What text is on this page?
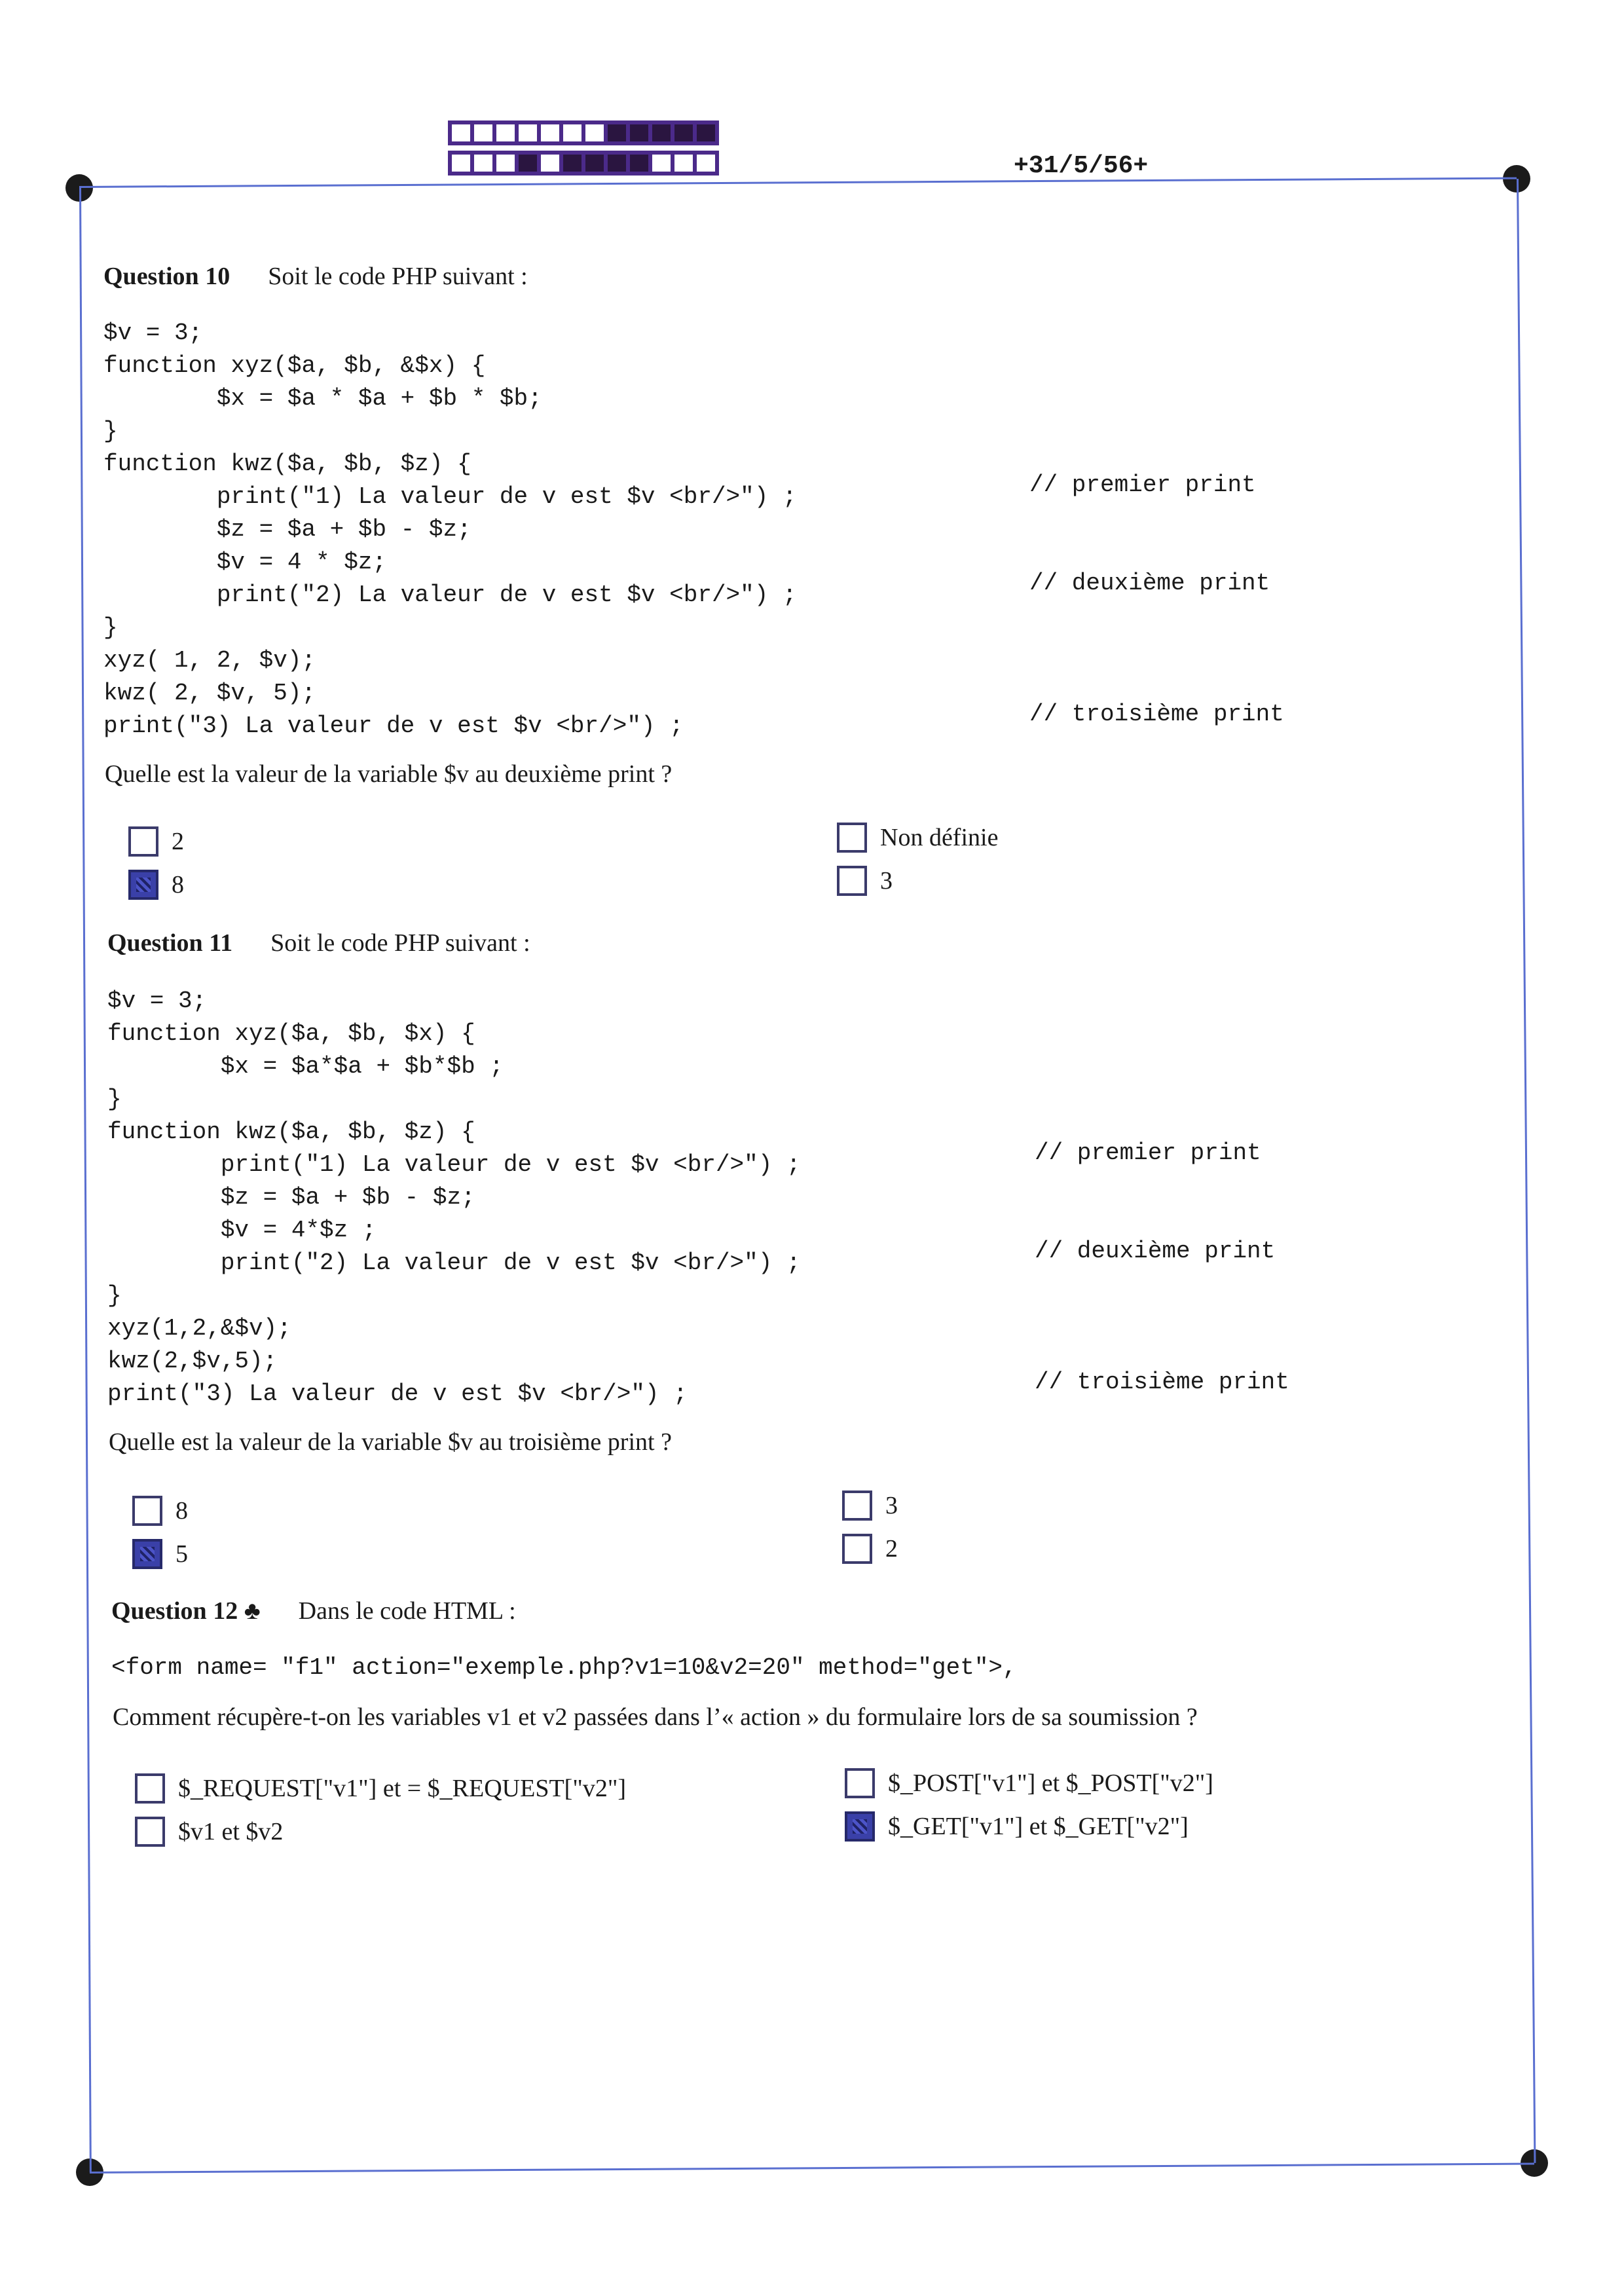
+31/5/56+
Question 10 Soit le code PHP suivant :
$v = 3;
function xyz($a, $b, &$x) {
$x = $a * $a + $b * $b;
}
function kwz($a, $b, $z) {
print("1) La valeur de v est $v <br/>") ;
$z = $a + $b - $z;
$v = 4 * $z;
print("2) La valeur de v est $v <br/>") ;
}
xyz( 1, 2, $v);
kwz( 2, $v, 5);
print("3) La valeur de v est $v <br/>") ;
// premier print
// deuxième print
// troisième print
Quelle est la valeur de la variable $v au deuxième print ?
2
8
Non définie
3
Question 11 Soit le code PHP suivant :
$v = 3;
function xyz($a, $b, $x) {
$x = $a*$a + $b*$b ;
}
function kwz($a, $b, $z) {
print("1) La valeur de v est $v <br/>") ;
$z = $a + $b - $z;
$v = 4*$z ;
print("2) La valeur de v est $v <br/>") ;
}
xyz(1,2,&$v);
kwz(2,$v,5);
print("3) La valeur de v est $v <br/>") ;
// premier print
// deuxième print
// troisième print
Quelle est la valeur de la variable $v au troisième print ?
8
5
3
2
Question 12 ♣ Dans le code HTML :
<form name= "f1" action="exemple.php?v1=10&v2=20" method="get">,
Comment récupère-t-on les variables v1 et v2 passées dans l’« action » du formulaire lors de sa soumission ?
$_REQUEST["v1"] et = $_REQUEST["v2"]
$v1 et $v2
$_POST["v1"] et $_POST["v2"]
$_GET["v1"] et $_GET["v2"]
